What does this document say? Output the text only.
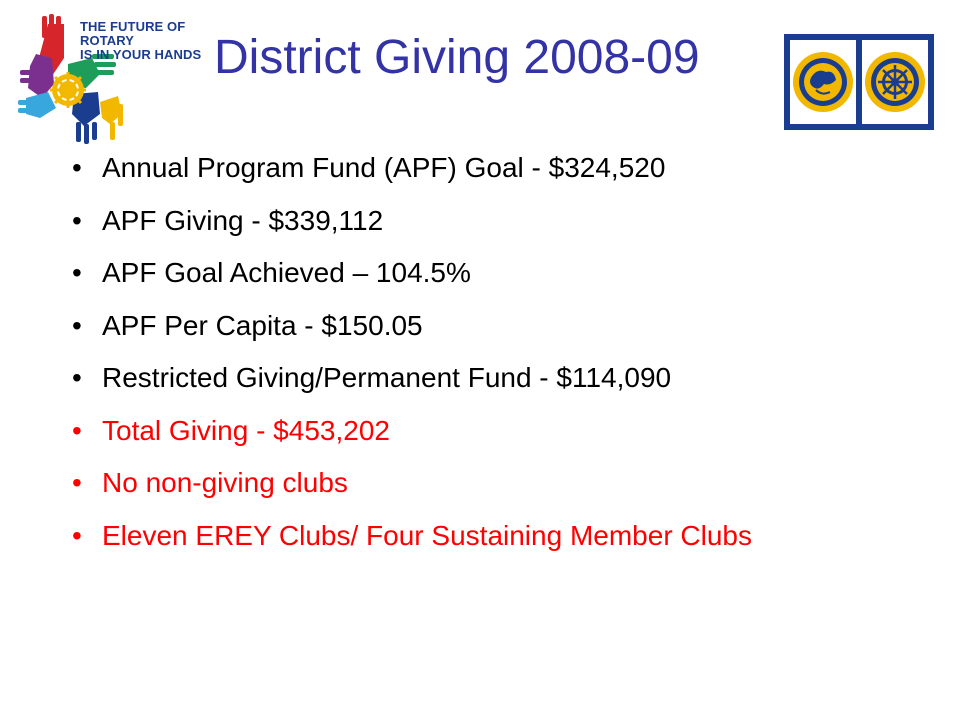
THE FUTURE OF ROTARY
IS IN YOUR HANDS District Giving 2008-09
• Annual Program Fund (APF) Goal - $324,520
• APF Giving - $339,112
• APF Goal Achieved – 104.5%
• APF Per Capita - $150.05
• Restricted Giving/Permanent Fund - $114,090
• Total Giving - $453,202
• No non-giving clubs
• Eleven EREY Clubs/ Four Sustaining Member Clubs
